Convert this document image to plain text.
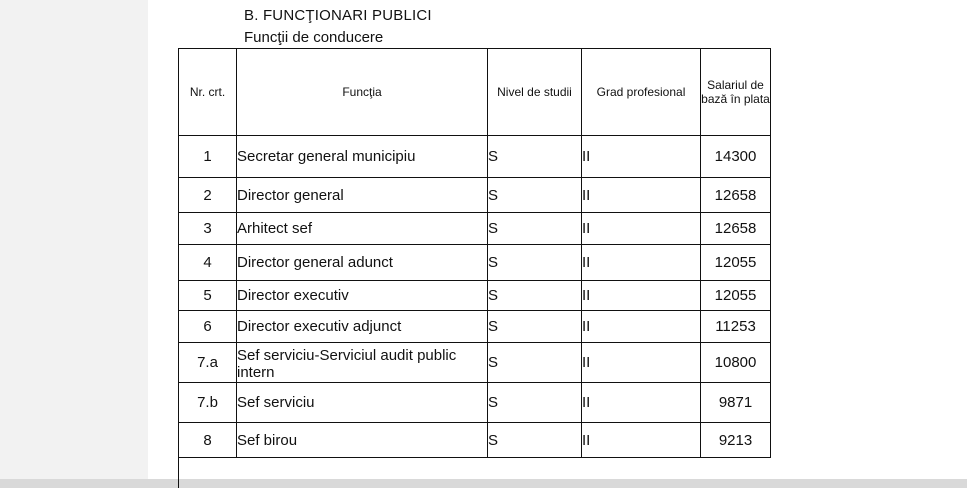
B. FUNCŢIONARI PUBLICI
Funcţii de conducere
Nr. crt.	Funcţia	Nivel de studii	Grad profesional	Salariul de bază în plata
1	Secretar general municipiu	S	II	14300
2	Director general	S	II	12658
3	Arhitect sef	S	II	12658
4	Director general adunct	S	II	12055
5	Director executiv	S	II	12055
6	Director executiv adjunct	S	II	11253
7.a	Sef serviciu-Serviciul audit public intern	S	II	10800
7.b	Sef serviciu	S	II	9871
8	Sef birou	S	II	9213
